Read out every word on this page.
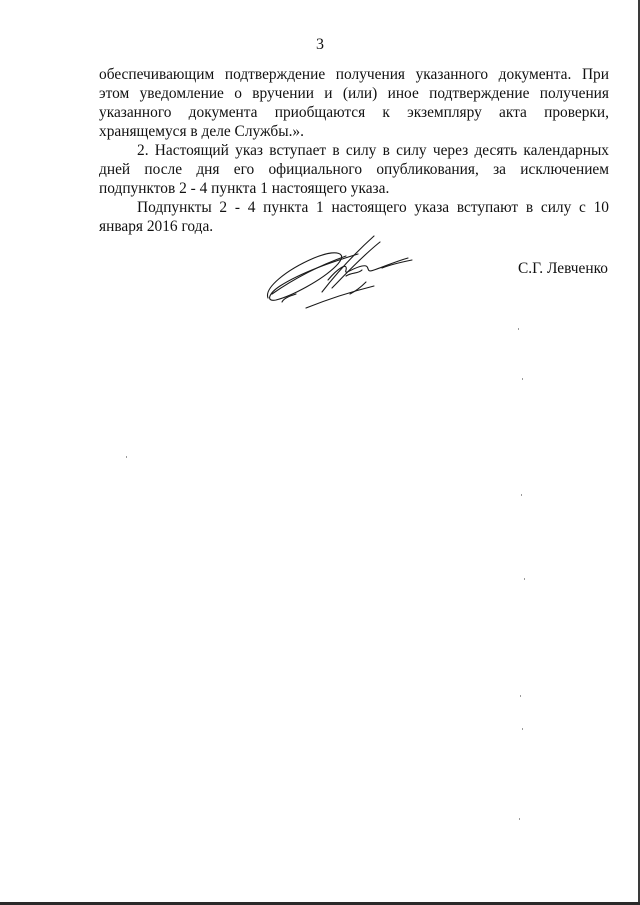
3

обеспечивающим подтверждение получения указанного документа. При этом уведомление о вручении и (или) иное подтверждение получения указанного документа приобщаются к экземпляру акта проверки, хранящемуся в деле Службы.».

2. Настоящий указ вступает в силу в силу через десять календарных дней после дня его официального опубликования, за исключением подпунктов 2 - 4 пункта 1 настоящего указа.

Подпункты 2 - 4 пункта 1 настоящего указа вступают в силу с 10 января 2016 года.

С.Г. Левченко
